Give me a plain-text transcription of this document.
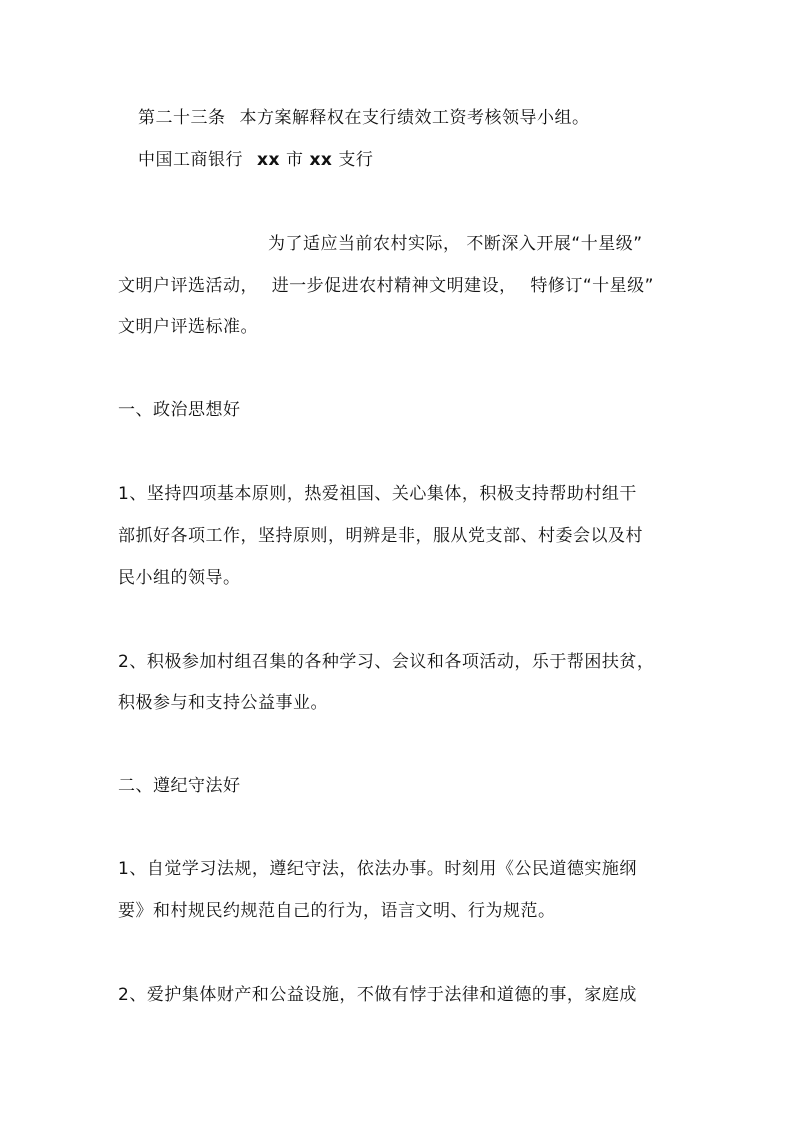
第二十三条 本方案解释权在支行绩效工资考核领导小组。
中国工商银行 xx 市 xx 支行
为了适应当前农村实际， 不断深入开展“十星级”
文明户评选活动， 进一步促进农村精神文明建设， 特修订“十星级”
文明户评选标准。
一、政治思想好
1、坚持四项基本原则，热爱祖国、关心集体，积极支持帮助村组干
部抓好各项工作，坚持原则，明辨是非，服从党支部、村委会以及村
民小组的领导。
2、积极参加村组召集的各种学习、会议和各项活动，乐于帮困扶贫，
积极参与和支持公益事业。
二、遵纪守法好
1、自觉学习法规，遵纪守法，依法办事。时刻用《公民道德实施纲
要》和村规民约规范自己的行为，语言文明、行为规范。
2、爱护集体财产和公益设施，不做有悖于法律和道德的事，家庭成
